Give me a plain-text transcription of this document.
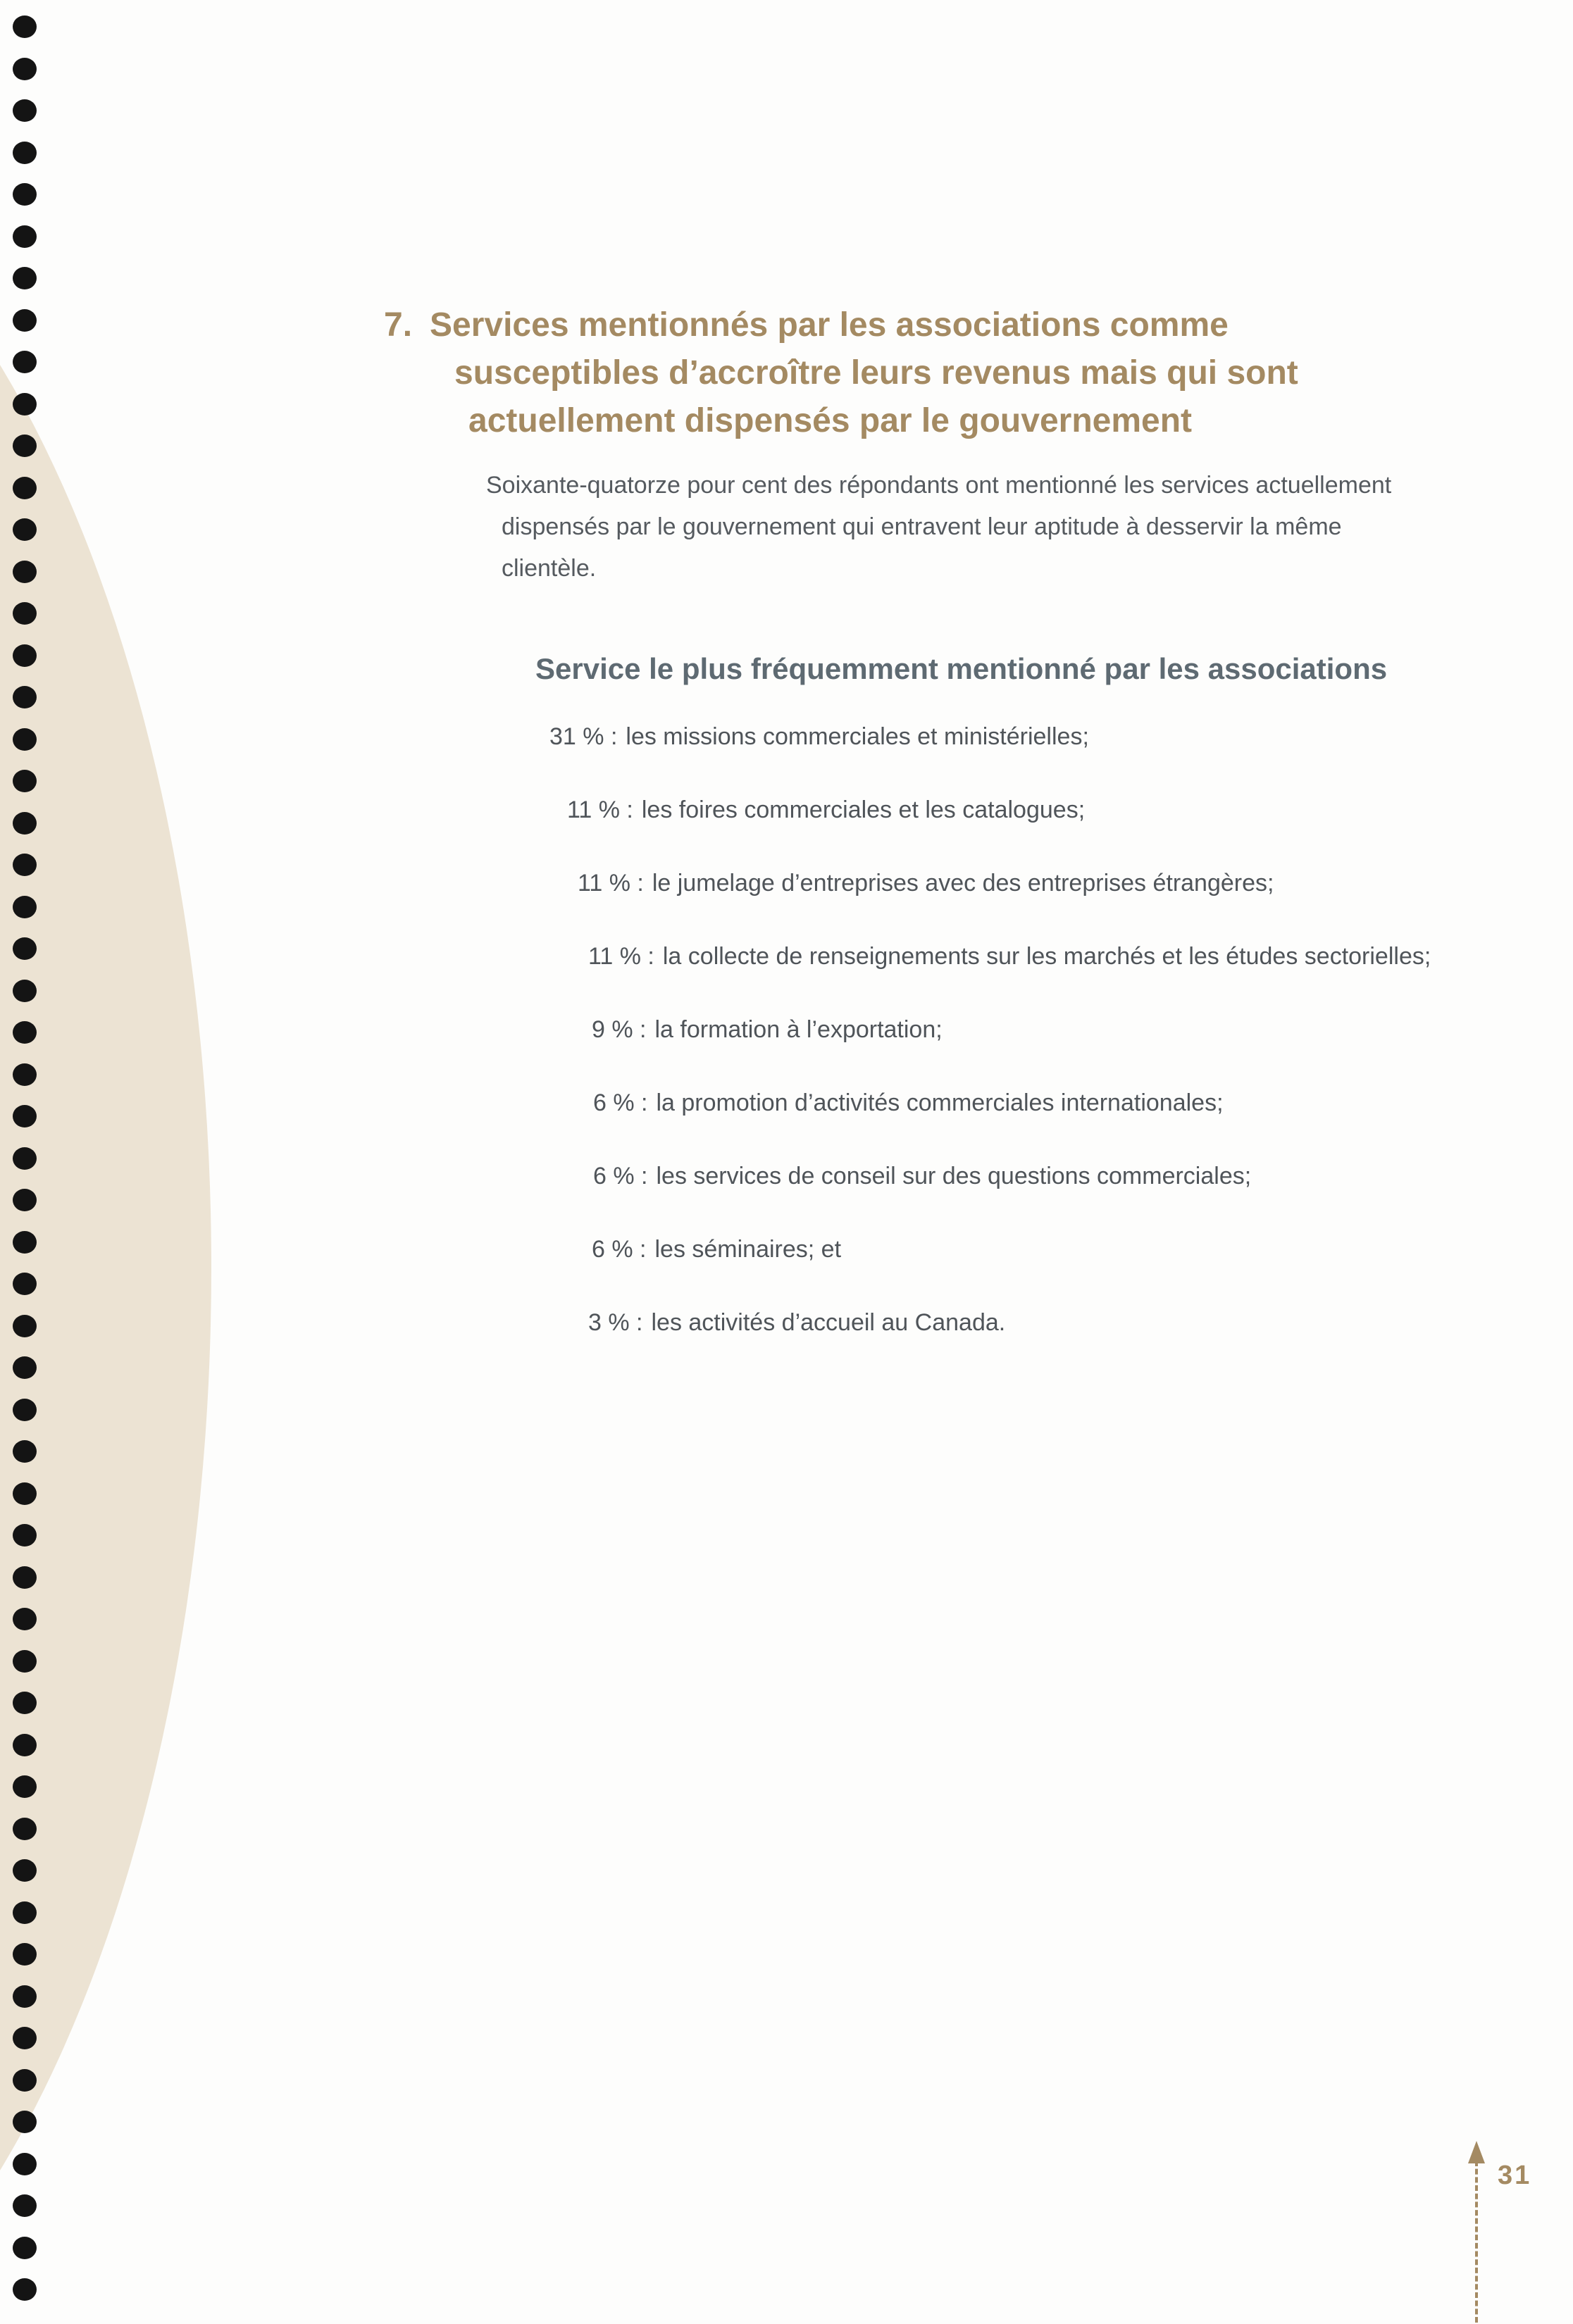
7. Services mentionnés par les associations comme
susceptibles d’accroître leurs revenus mais qui sont
actuellement dispensés par le gouvernement

Soixante-quatorze pour cent des répondants ont mentionné les services actuellement
dispensés par le gouvernement qui entravent leur aptitude à desservir la même
clientèle.

Service le plus fréquemment mentionné par les associations
31 % : les missions commerciales et ministérielles;
11 % : les foires commerciales et les catalogues;
11 % : le jumelage d’entreprises avec des entreprises étrangères;
11 % : la collecte de renseignements sur les marchés et les études sectorielles;
9 % : la formation à l’exportation;
6 % : la promotion d’activités commerciales internationales;
6 % : les services de conseil sur des questions commerciales;
6 % : les séminaires; et
3 % : les activités d’accueil au Canada.
31
